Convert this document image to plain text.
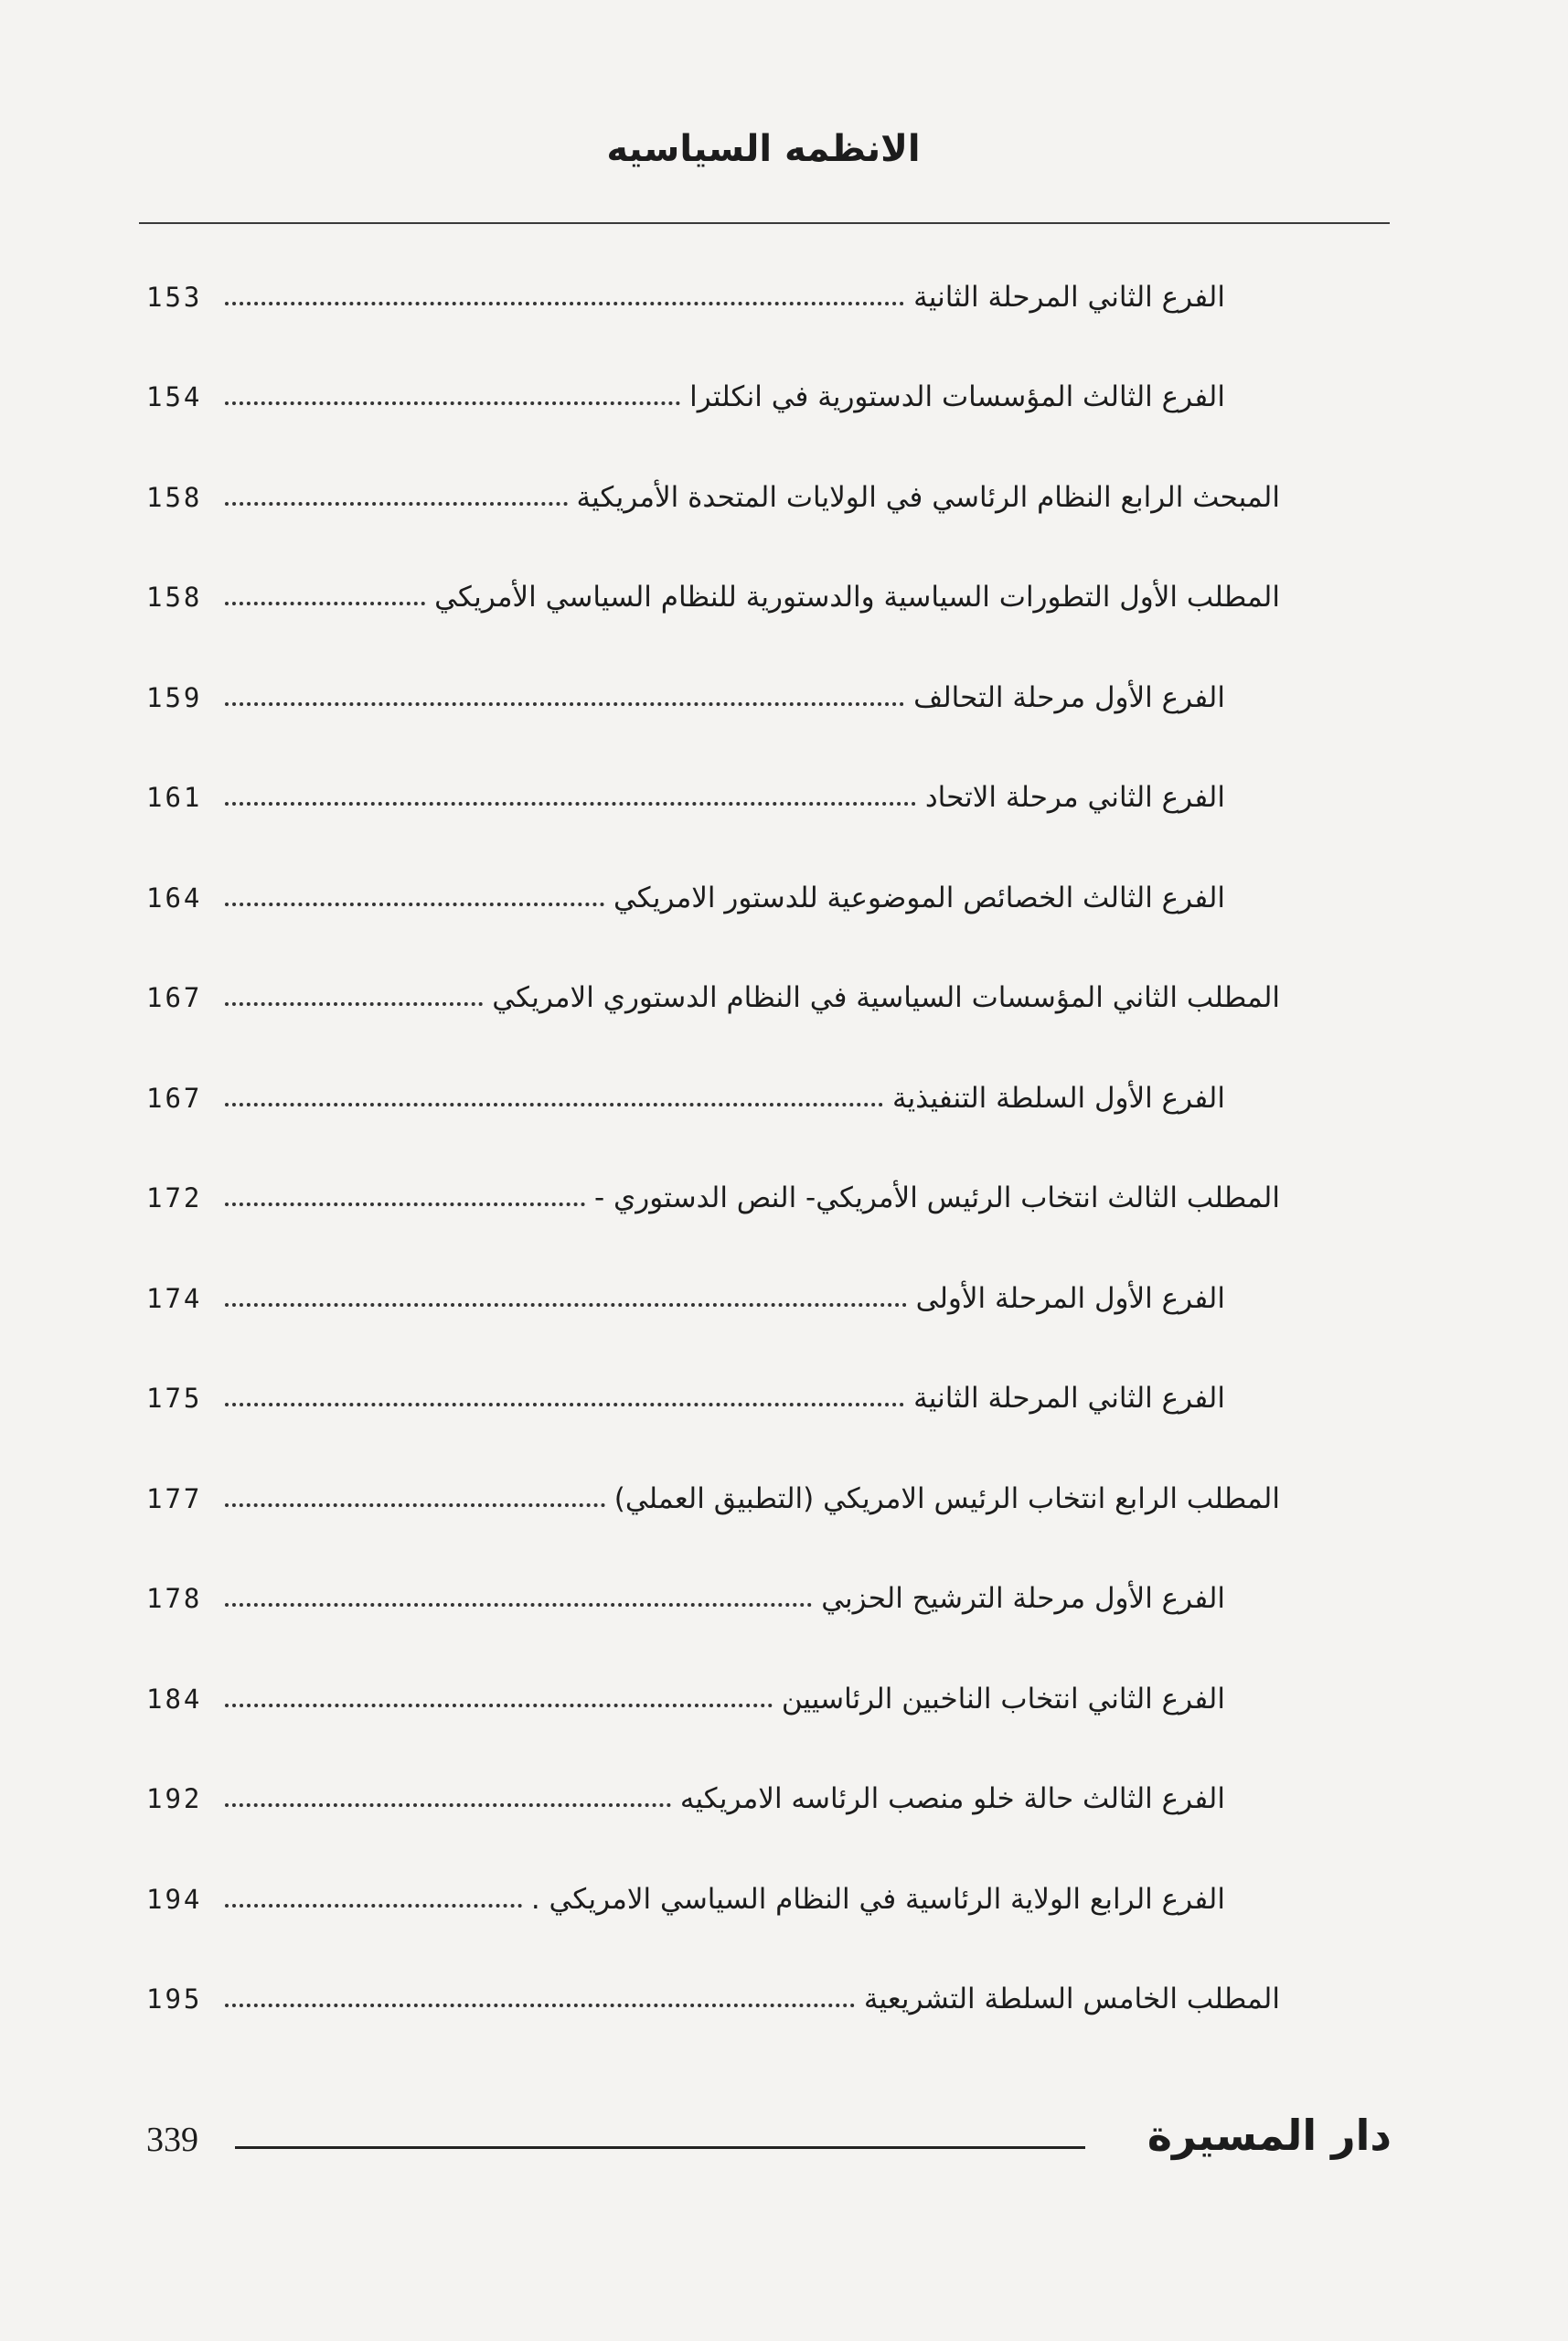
الانظمه السياسيه
153	الفرع الثاني المرحلة الثانية
154	الفرع الثالث المؤسسات الدستورية في انكلترا
158	المبحث الرابع النظام الرئاسي في الولايات المتحدة الأمريكية
158	المطلب الأول التطورات السياسية والدستورية للنظام السياسي الأمريكي
159	الفرع الأول مرحلة التحالف
161	الفرع الثاني مرحلة الاتحاد
164	الفرع الثالث الخصائص الموضوعية للدستور الامريكي
167	المطلب الثاني المؤسسات السياسية في النظام الدستوري الامريكي
167	الفرع الأول السلطة التنفيذية
172	المطلب الثالث انتخاب الرئيس الأمريكي- النص الدستوري -
174	الفرع الأول المرحلة الأولى
175	الفرع الثاني المرحلة الثانية
177	المطلب الرابع انتخاب الرئيس الامريكي (التطبيق العملي)
178	الفرع الأول مرحلة الترشيح الحزبي
184	الفرع الثاني انتخاب الناخبين الرئاسيين
192	الفرع الثالث حالة خلو منصب الرئاسه الامريكيه
194	الفرع الرابع الولاية الرئاسية في النظام السياسي الامريكي .
195	المطلب الخامس السلطة التشريعية
339	دار المسيرة
